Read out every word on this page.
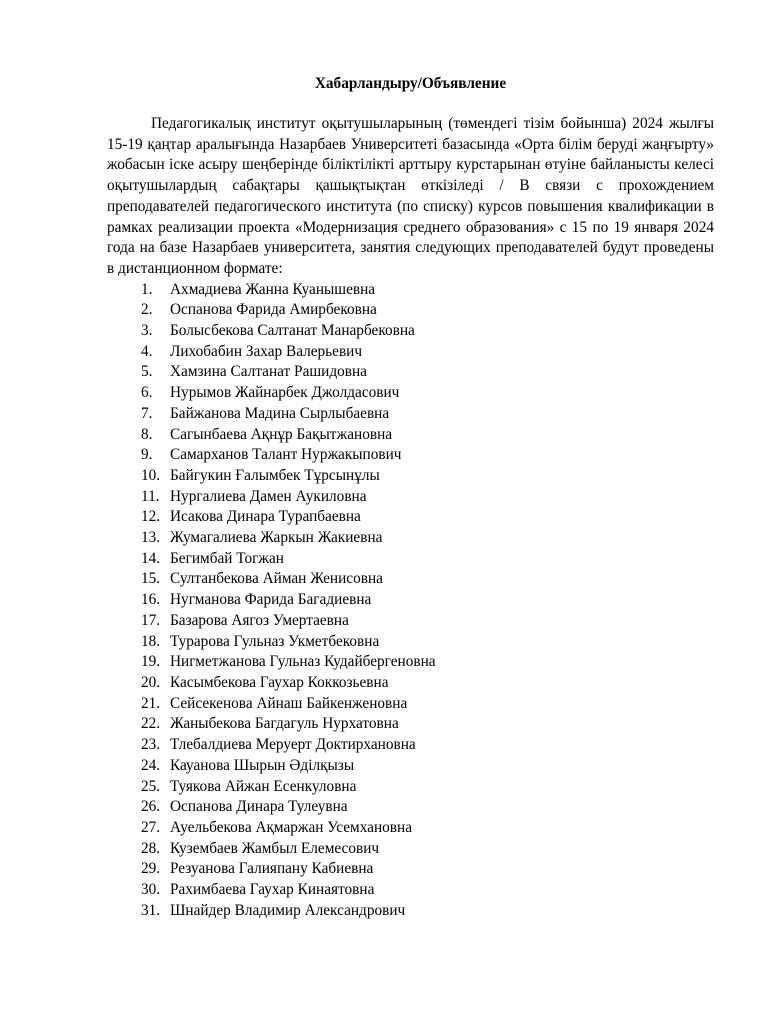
Хабарландыру/Объявление

Педагогикалық институт оқытушыларының (төмендегі тізім бойынша) 2024 жылғы 15-19 қаңтар аралығында Назарбаев Университеті базасында «Орта білім беруді жаңғырту» жобасын іске асыру шеңберінде біліктілікті арттыру курстарынан өтуіне байланысты келесі оқытушылардың сабақтары қашықтықтан өткізіледі / В связи с прохождением преподавателей педагогического института (по списку) курсов повышения квалификации в рамках реализации проекта «Модернизация среднего образования» с 15 по 19 января 2024 года на базе Назарбаев университета, занятия следующих преподавателей будут проведены в дистанционном формате:

1. Ахмадиева Жанна Куанышевна
2. Оспанова Фарида Амирбековна
3. Болысбекова Салтанат Манарбековна
4. Лихобабин Захар Валерьевич
5. Хамзина Салтанат Рашидовна
6. Нурымов Жайнарбек Джолдасович
7. Байжанова Мадина Сырлыбаевна
8. Сагынбаева Ақнұр Бақытжановна
9. Самарханов Талант Нуржакыпович
10. Байгукин Ғалымбек Тұрсынұлы
11. Нургалиева Дамен Аукиловна
12. Исакова Динара Турапбаевна
13. Жумагалиева Жаркын Жакиевна
14. Бегимбай Тогжан
15. Султанбекова Айман Женисовна
16. Нугманова Фарида Багадиевна
17. Базарова Аягоз Умертаевна
18. Турарова Гульназ Укметбековна
19. Нигметжанова Гульназ Кудайбергеновна
20. Касымбекова Гаухар Коккозьевна
21. Сейсекенова Айнаш Байкенженовна
22. Жаныбекова Багдагуль Нурхатовна
23. Тлебалдиева Меруерт Доктирхановна
24. Кауанова Шырын Әділқызы
25. Туякова Айжан Есенкуловна
26. Оспанова Динара Тулеувна
27. Ауельбекова Ақмаржан Усемхановна
28. Кузембаев Жамбыл Елемесович
29. Резуанова Галияпану Кабиевна
30. Рахимбаева Гаухар Кинаятовна
31. Шнайдер Владимир Александрович
